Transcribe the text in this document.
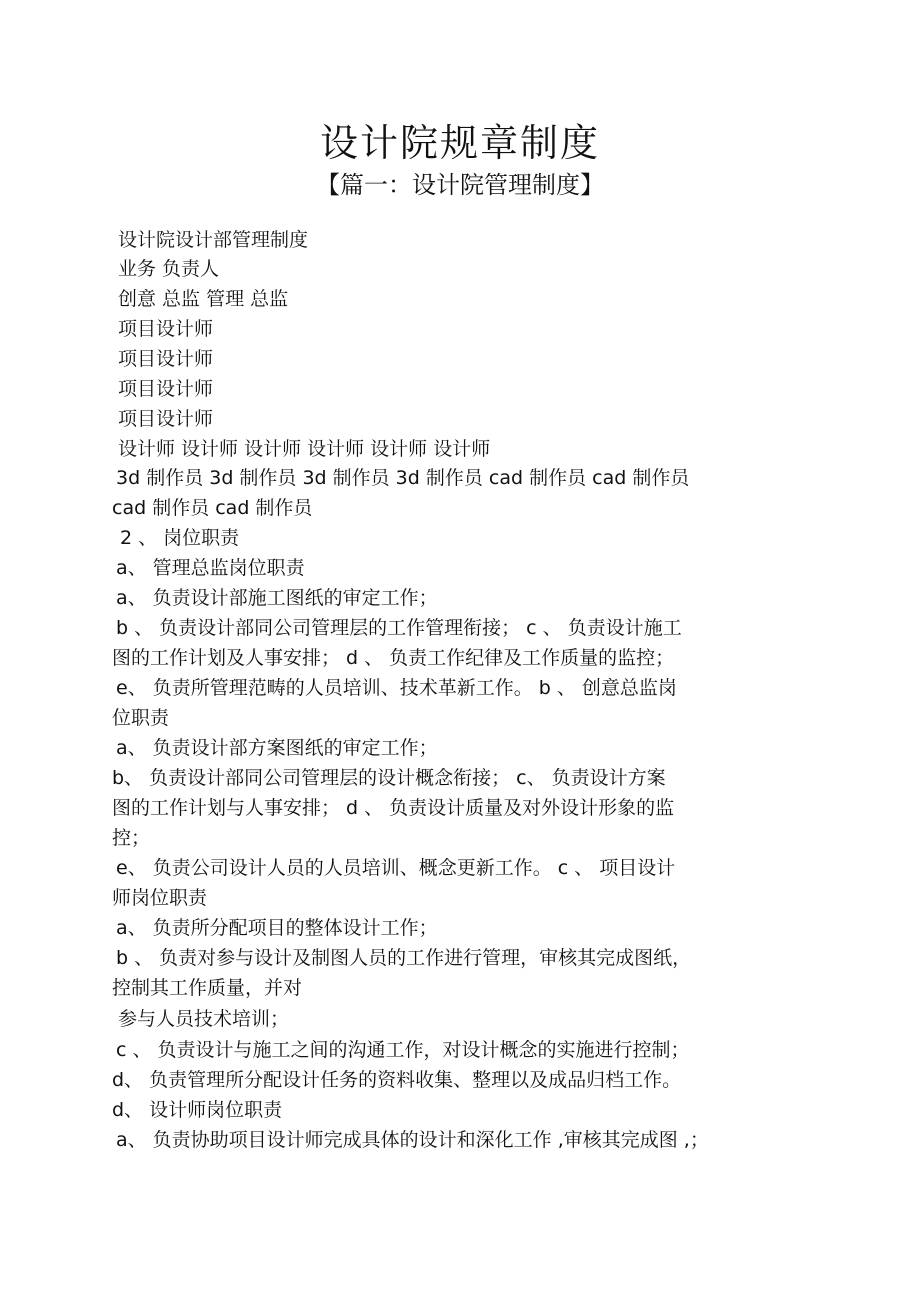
设计院规章制度
【篇一：设计院管理制度】
设计院设计部管理制度
业务 负责人
创意 总监 管理 总监
项目设计师
项目设计师
项目设计师
项目设计师
设计师 设计师 设计师 设计师 设计师 设计师
3d 制作员 3d 制作员 3d 制作员 3d 制作员 cad 制作员 cad 制作员
cad 制作员 cad 制作员
2 、 岗位职责
a、 管理总监岗位职责
a、 负责设计部施工图纸的审定工作；
b 、 负责设计部同公司管理层的工作管理衔接； c 、 负责设计施工
图的工作计划及人事安排； d 、 负责工作纪律及工作质量的监控；
e、 负责所管理范畴的人员培训、技术革新工作。 b 、 创意总监岗
位职责
a、 负责设计部方案图纸的审定工作；
b、 负责设计部同公司管理层的设计概念衔接； c、 负责设计方案
图的工作计划与人事安排； d 、 负责设计质量及对外设计形象的监
控；
e、 负责公司设计人员的人员培训、概念更新工作。 c 、 项目设计
师岗位职责
a、 负责所分配项目的整体设计工作；
b 、 负责对参与设计及制图人员的工作进行管理，审核其完成图纸，
控制其工作质量，并对
参与人员技术培训；
c 、 负责设计与施工之间的沟通工作，对设计概念的实施进行控制；
d、 负责管理所分配设计任务的资料收集、整理以及成品归档工作。
d、 设计师岗位职责
a、 负责协助项目设计师完成具体的设计和深化工作 ,审核其完成图 ,；
